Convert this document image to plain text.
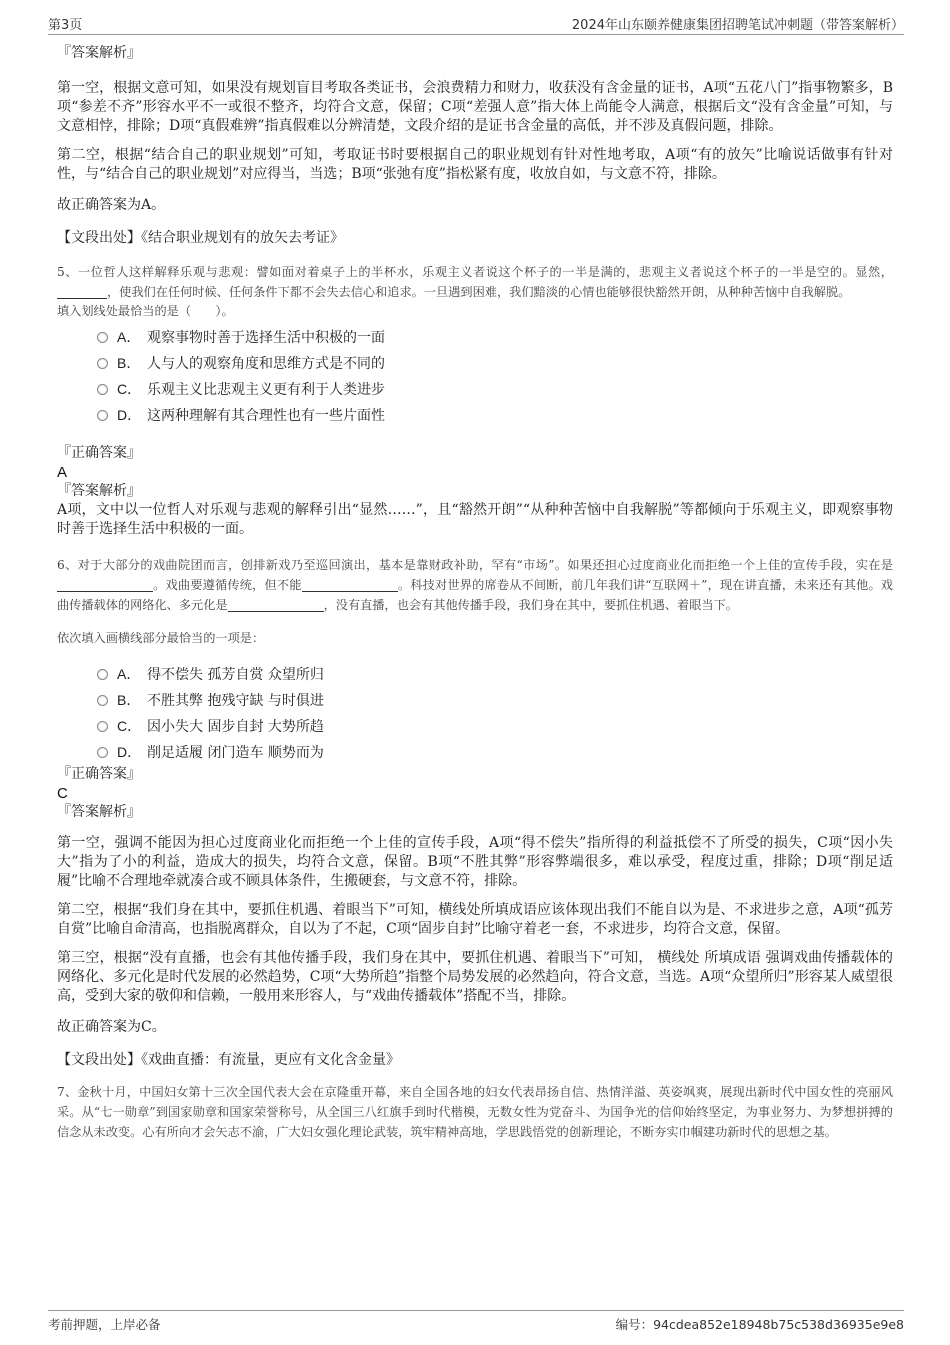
第3页	2024年山东颐养健康集团招聘笔试冲刺题（带答案解析）

『答案解析』

第一空，根据文意可知，如果没有规划盲目考取各类证书，会浪费精力和财力，收获没有含金量的证书，A项“五花八门”指事物繁多，B项“参差不齐”形容水平不一或很不整齐，均符合文意，保留；C项“差强人意”指大体上尚能令人满意，根据后文“没有含金量”可知，与文意相悖，排除；D项“真假难辨”指真假难以分辨清楚，文段介绍的是证书含金量的高低，并不涉及真假问题，排除。

第二空，根据“结合自己的职业规划”可知，考取证书时要根据自己的职业规划有针对性地考取，A项“有的放矢”比喻说话做事有针对性，与“结合自己的职业规划”对应得当，当选；B项“张弛有度”指松紧有度，收放自如，与文意不符，排除。

故正确答案为A。

【文段出处】《结合职业规划有的放矢去考证》

5、一位哲人这样解释乐观与悲观：譬如面对着桌子上的半杯水，乐观主义者说这个杯子的一半是满的，悲观主义者说这个杯子的一半是空的。显然，，使我们在任何时候、任何条件下都不会失去信心和追求。一旦遇到困难，我们黯淡的心情也能够很快豁然开朗，从种种苦恼中自我解脱。

填入划线处最恰当的是（　　）。

A． 观察事物时善于选择生活中积极的一面
B． 人与人的观察角度和思维方式是不同的
C． 乐观主义比悲观主义更有利于人类进步
D． 这两种理解有其合理性也有一些片面性

『正确答案』

A

『答案解析』

A项，文中以一位哲人对乐观与悲观的解释引出“显然……”，且“豁然开朗”“从种种苦恼中自我解脱”等都倾向于乐观主义，即观察事物时善于选择生活中积极的一面。

6、对于大部分的戏曲院团而言，创排新戏乃至巡回演出，基本是靠财政补助，罕有“市场”。如果还担心过度商业化而拒绝一个上佳的宣传手段，实在是。戏曲要遵循传统，但不能	。科技对世界的席卷从不间断，前几年我们讲“互联网＋”，现在讲直播，未来还有其他。戏曲传播载体的网络化、多元化是	，没有直播，也会有其他传播手段，我们身在其中，要抓住机遇、着眼当下。

依次填入画横线部分最恰当的一项是：

A． 得不偿失 孤芳自赏 众望所归
B． 不胜其弊 抱残守缺 与时俱进
C． 因小失大 固步自封 大势所趋
D． 削足适履 闭门造车 顺势而为

『正确答案』

C

『答案解析』

第一空，强调不能因为担心过度商业化而拒绝一个上佳的宣传手段，A项“得不偿失”指所得的利益抵偿不了所受的损失，C项“因小失大”指为了小的利益，造成大的损失，均符合文意，保留。B项“不胜其弊”形容弊端很多，难以承受，程度过重，排除；D项“削足适履”比喻不合理地牵就凑合或不顾具体条件，生搬硬套，与文意不符，排除。

第二空，根据“我们身在其中，要抓住机遇、着眼当下”可知，横线处所填成语应该体现出我们不能自以为是、不求进步之意，A项“孤芳自赏”比喻自命清高，也指脱离群众，自以为了不起，C项“固步自封”比喻守着老一套，不求进步，均符合文意，保留。

第三空，根据“没有直播，也会有其他传播手段，我们身在其中，要抓住机遇、着眼当下”可知， 横线处 所填成语 强调戏曲传播载体的网络化、多元化是时代发展的必然趋势，C项“大势所趋”指整个局势发展的必然趋向，符合文意，当选。A项“众望所归”形容某人威望很高，受到大家的敬仰和信赖，一般用来形容人，与“戏曲传播载体”搭配不当，排除。

故正确答案为C。

【文段出处】《戏曲直播：有流量，更应有文化含金量》

7、金秋十月，中国妇女第十三次全国代表大会在京隆重开幕，来自全国各地的妇女代表昂扬自信、热情洋溢、英姿飒爽，展现出新时代中国女性的亮丽风采。从“七一勋章”到国家勋章和国家荣誉称号，从全国三八红旗手到时代楷模，无数女性为党奋斗、为国争光的信仰始终坚定，为事业努力、为梦想拼搏的信念从未改变。心有所向才会矢志不渝，广大妇女强化理论武装，筑牢精神高地，学思践悟党的创新理论，不断夯实巾帼建功新时代的思想之基。

考前押题，上岸必备	编号：94cdea852e18948b75c538d36935e9e8
